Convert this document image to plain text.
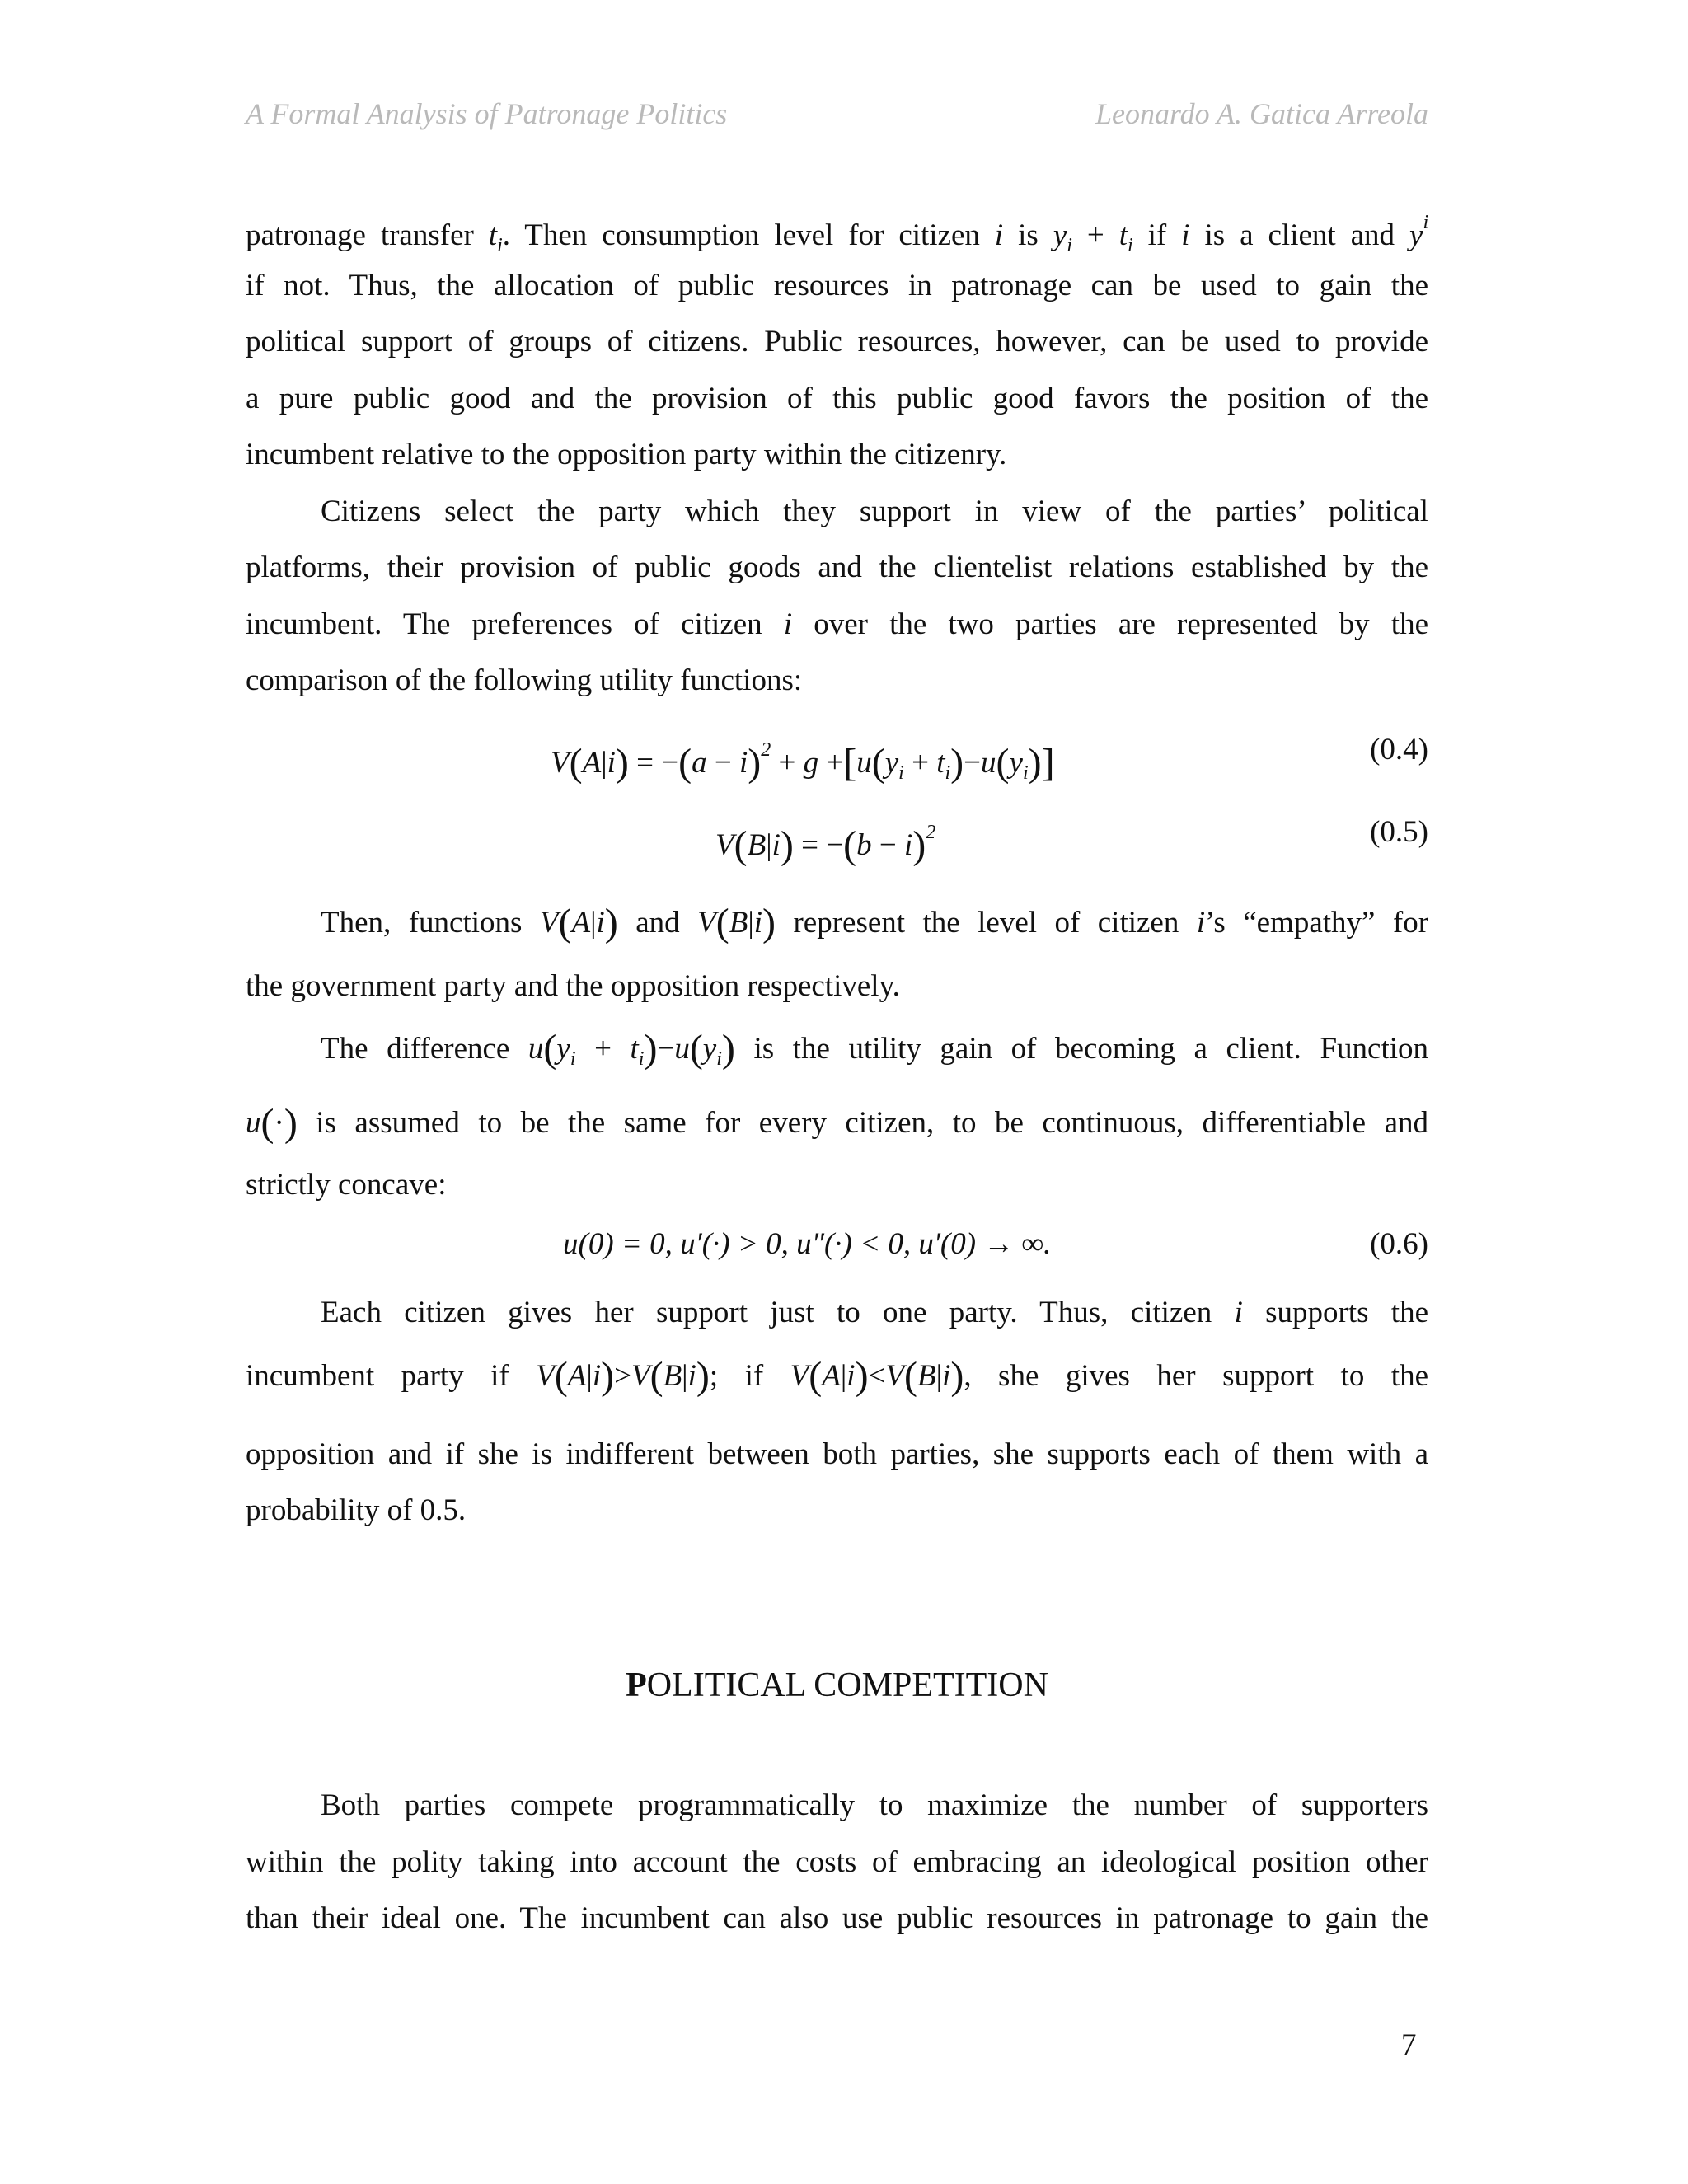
A Formal Analysis of Patronage Politics	Leonardo A. Gatica Arreola
patronage transfer $t_i$. Then consumption level for citizen i is $y_i + t_i$ if i is a client and $y^i$
if not. Thus, the allocation of public resources in patronage can be used to gain the
political support of groups of citizens. Public resources, however, can be used to provide
a pure public good and the provision of this public good favors the position of the
incumbent relative to the opposition party within the citizenry.
Citizens select the party which they support in view of the parties’ political
platforms, their provision of public goods and the clientelist relations established by the
incumbent. The preferences of citizen i over the two parties are represented by the
comparison of the following utility functions:
$V(A|i) = -(a - i)^2 + g +[u(y_i + t_i)-u(y_i)]$	(0.4)
$V(B|i) = -(b - i)^2$	(0.5)
Then, functions V(A|i) and V(B|i) represent the level of citizen i’s “empathy” for
the government party and the opposition respectively.
The difference $u(y_i + t_i)-u(y_i)$ is the utility gain of becoming a client. Function
u(·) is assumed to be the same for every citizen, to be continuous, differentiable and
strictly concave:
u(0) = 0, u′(·) > 0, u″(·) < 0, u′(0) → ∞.	(0.6)
Each citizen gives her support just to one party. Thus, citizen i supports the
incumbent party if V(A|i)>V(B|i); if V(A|i)<V(B|i), she gives her support to the
opposition and if she is indifferent between both parties, she supports each of them with a
probability of 0.5.
POLITICAL COMPETITION
Both parties compete programmatically to maximize the number of supporters
within the polity taking into account the costs of embracing an ideological position other
than their ideal one. The incumbent can also use public resources in patronage to gain the
7
